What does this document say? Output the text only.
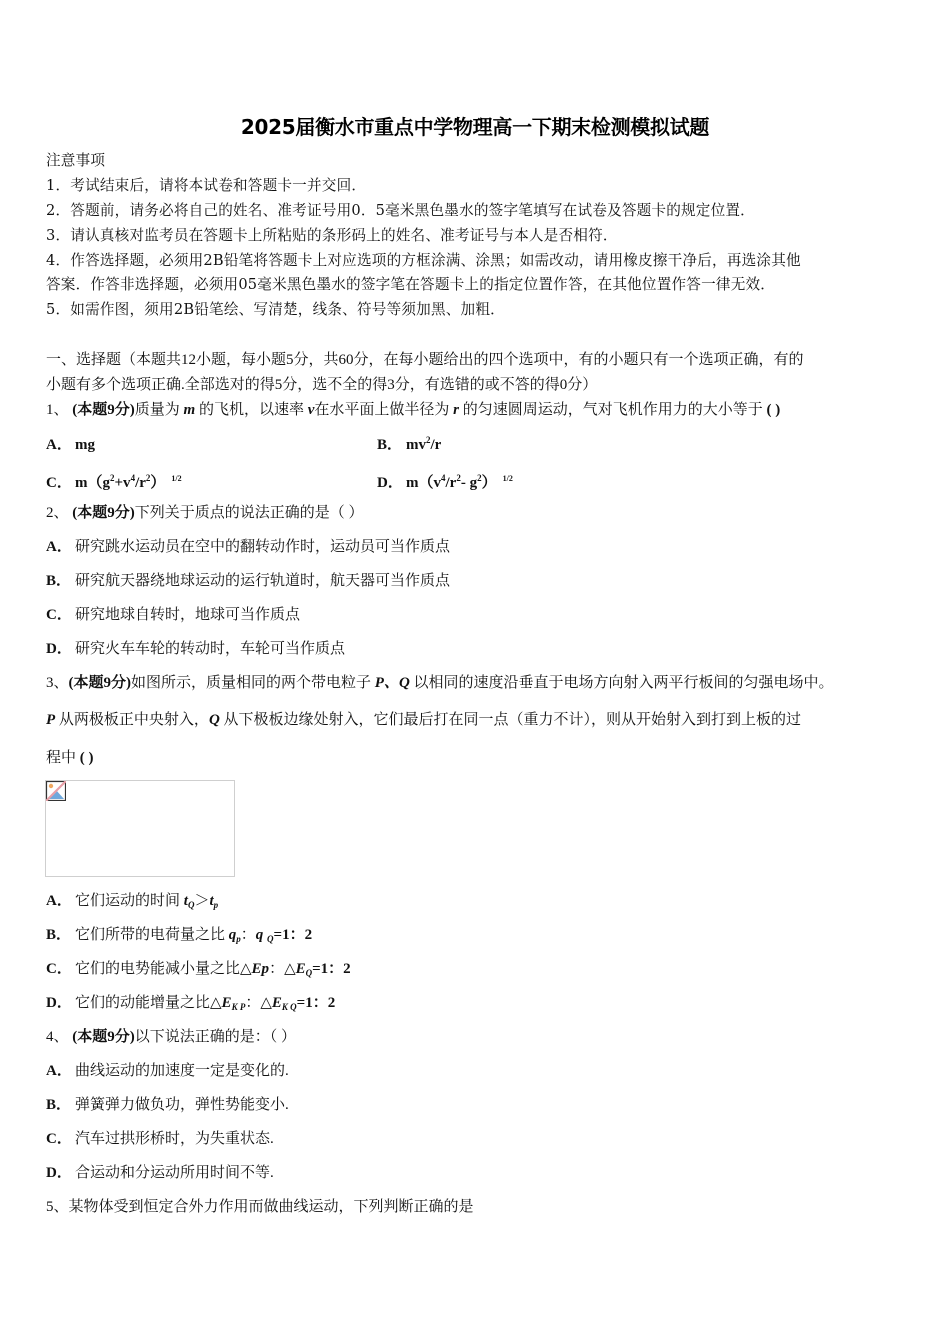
2025届衡水市重点中学物理高一下期末检测模拟试题
注意事项
1．考试结束后，请将本试卷和答题卡一并交回．
2．答题前，请务必将自己的姓名、准考证号用0．5毫米黑色墨水的签字笔填写在试卷及答题卡的规定位置．
3．请认真核对监考员在答题卡上所粘贴的条形码上的姓名、准考证号与本人是否相符．
4．作答选择题，必须用2B铅笔将答题卡上对应选项的方框涂满、涂黑；如需改动，请用橡皮擦干净后，再选涂其他
答案．作答非选择题，必须用05毫米黑色墨水的签字笔在答题卡上的指定位置作答，在其他位置作答一律无效．
5．如需作图，须用2B铅笔绘、写清楚，线条、符号等须加黑、加粗．
一、选择题（本题共12小题，每小题5分，共60分，在每小题给出的四个选项中，有的小题只有一个选项正确，有的
小题有多个选项正确.全部选对的得5分，选不全的得3分，有选错的或不答的得0分）
1、 (本题9分)质量为 m 的飞机，以速率 v在水平面上做半径为 r 的匀速圆周运动，气对飞机作用力的大小等于 ( )
A． mg	B． $mv^2/r$
C． $m(g^2+v^4/r^2)$ $^{1/2}$	D． $m(v^4/r^2-$ $g^2$） $^{1/2}$
2、 (本题9分)下列关于质点的说法正确的是（ ）
A． 研究跳水运动员在空中的翻转动作时，运动员可当作质点
B． 研究航天器绕地球运动的运行轨道时，航天器可当作质点
C． 研究地球自转时，地球可当作质点
D． 研究火车车轮的转动时，车轮可当作质点
3、(本题9分)如图所示，质量相同的两个带电粒子 P、Q 以相同的速度沿垂直于电场方向射入两平行板间的匀强电场中。
P 从两极板正中央射入，Q 从下极板边缘处射入，它们最后打在同一点（重力不计），则从开始射入到打到上板的过
程中 ( )
A． 它们运动的时间 $t_Q>t_p$
B． 它们所带的电荷量之比 $q_p$：q $_Q$=1：2
C． 它们的电势能减小量之比△Ep：$\triangle E_Q=1$：2
D． 它们的动能增量之比$\triangle E_{K P}$：$\triangle E_{K Q}=1$：2
4、 (本题9分)以下说法正确的是：（ ）
A． 曲线运动的加速度一定是变化的.
B． 弹簧弹力做负功，弹性势能变小.
C． 汽车过拱形桥时，为失重状态.
D． 合运动和分运动所用时间不等.
5、某物体受到恒定合外力作用而做曲线运动，下列判断正确的是
